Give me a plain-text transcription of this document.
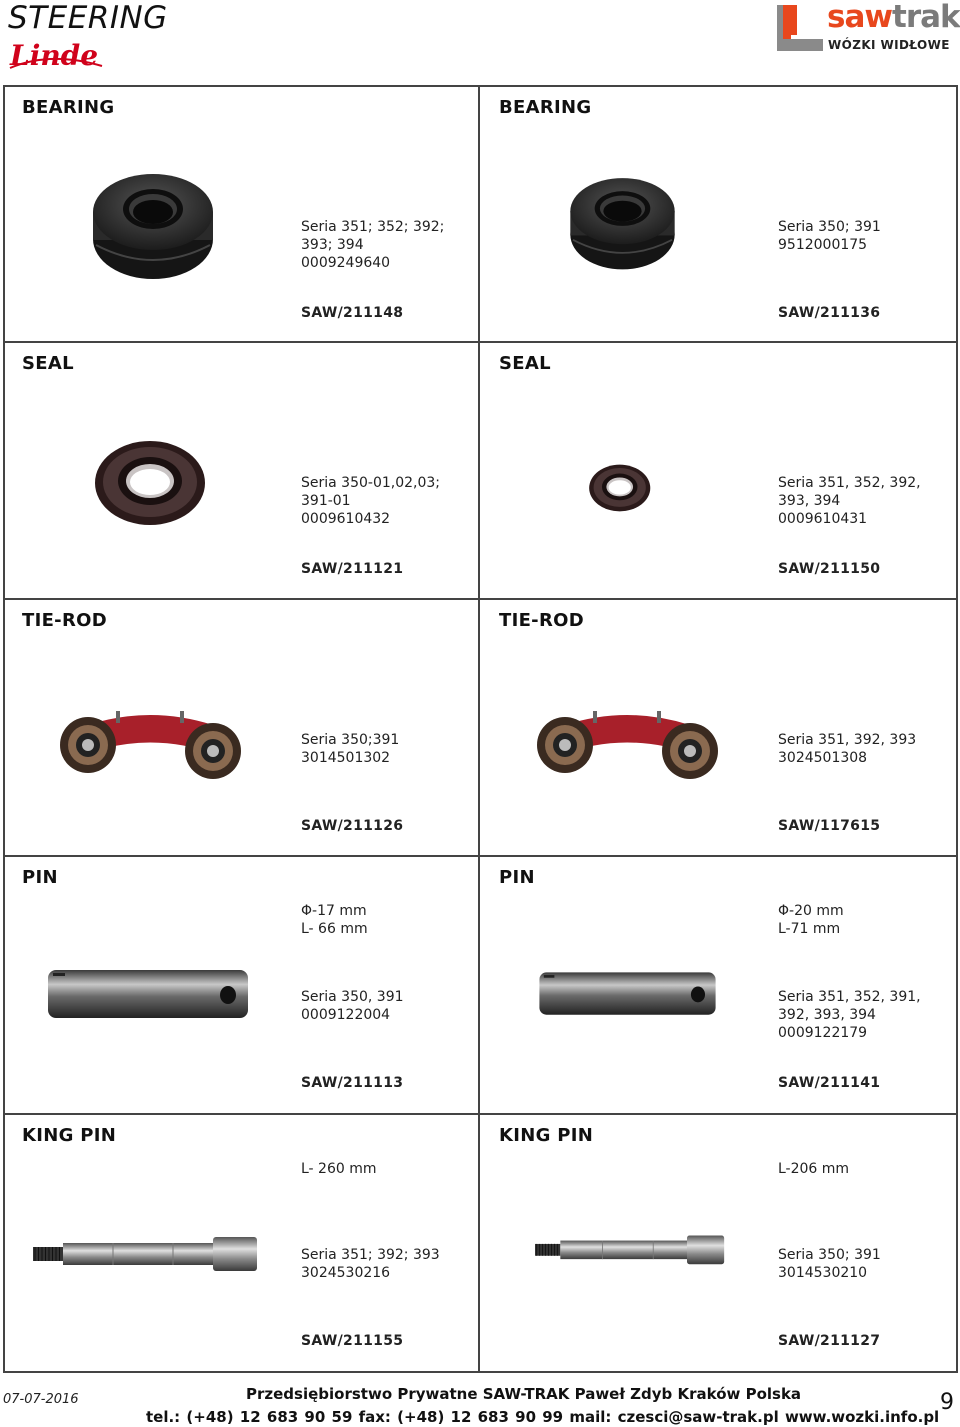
STEERING
Linde
sawtrak
WÓZKI WIDŁOWE
BEARING
Seria 351; 352; 392;
393; 394
0009249640
SAW/211148
BEARING
Seria 350; 391
9512000175
SAW/211136
SEAL
Seria 350-01,02,03;
391-01
0009610432
SAW/211121
SEAL
Seria 351, 352, 392,
393, 394
0009610431
SAW/211150
TIE-ROD
Seria 350;391
3014501302
SAW/211126
TIE-ROD
Seria 351, 392, 393
3024501308
SAW/117615
PIN
Φ-17 mm
L- 66 mm
Seria 350, 391
0009122004
SAW/211113
PIN
Φ-20 mm
L-71 mm
Seria 351, 352, 391,
392, 393, 394
0009122179
SAW/211141
KING PIN
L- 260 mm
Seria 351; 392; 393
3024530216
SAW/211155
KING PIN
L-206 mm
Seria 350; 391
3014530210
SAW/211127
07-07-2016	Przedsiębiorstwo Prywatne SAW-TRAK Paweł Zdyb Kraków Polska
tel.: (+48) 12 683 90 59 fax: (+48) 12 683 90 99 mail: czesci@saw-trak.pl www.wozki.info.pl
9
